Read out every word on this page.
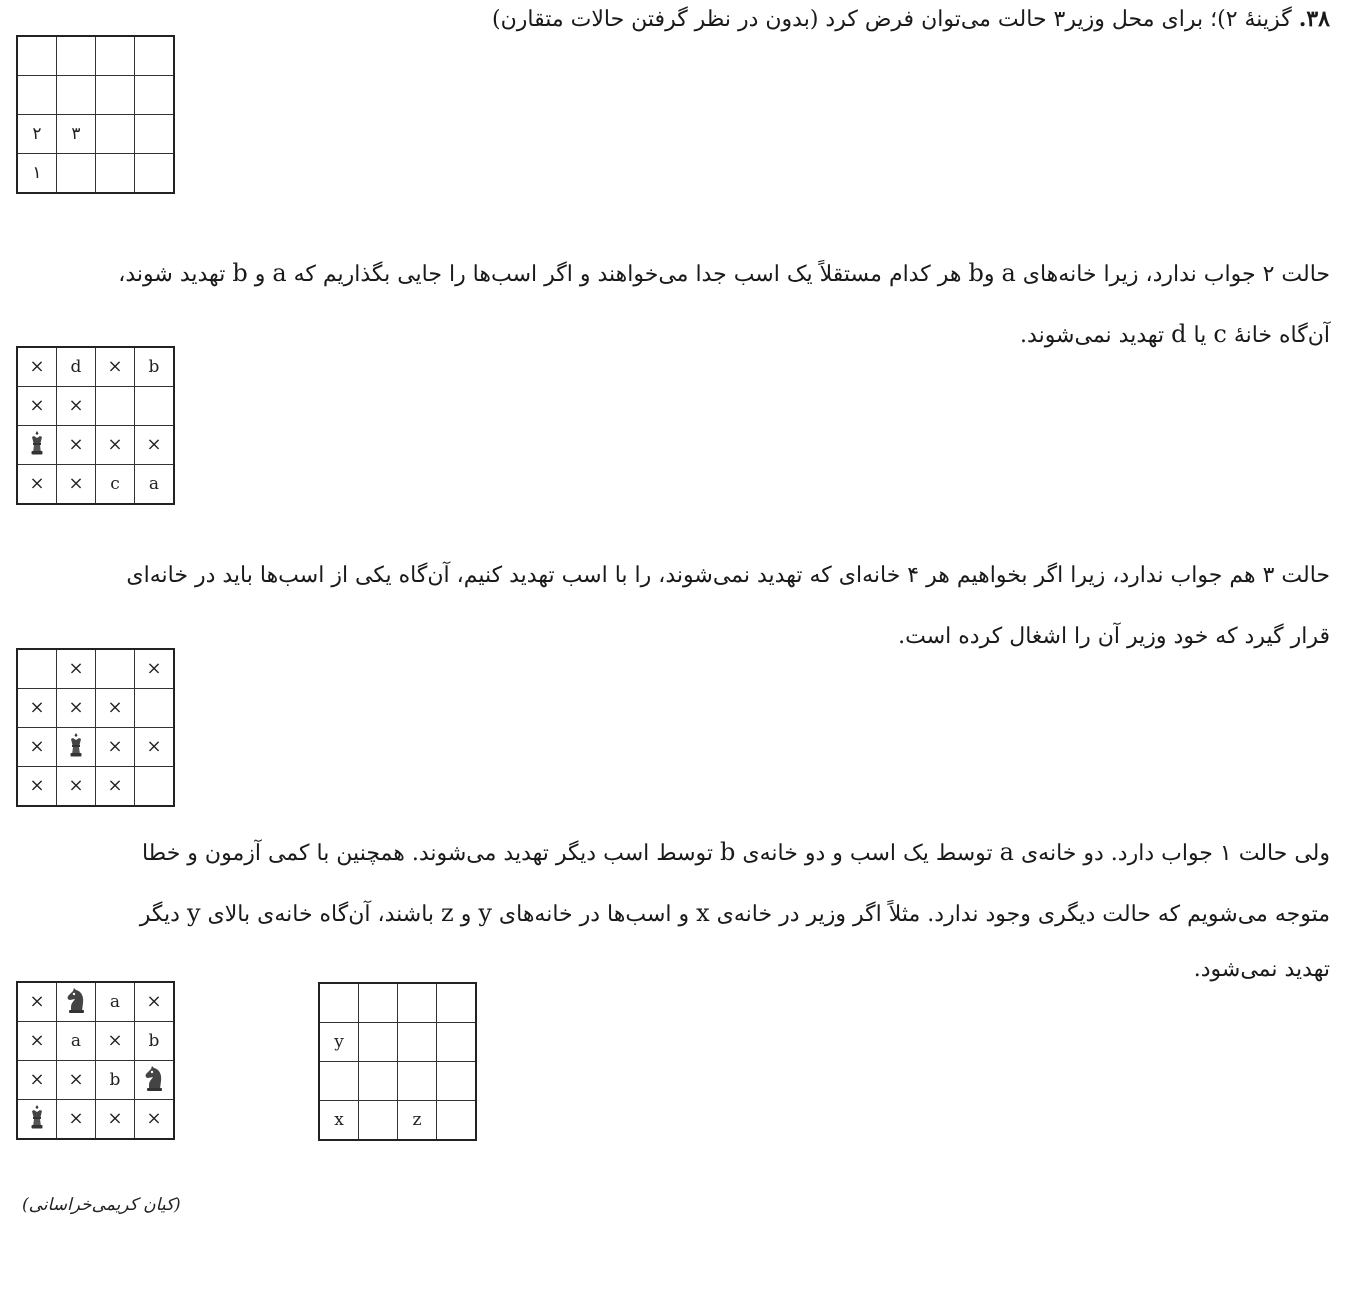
۳۸. گزینهٔ ۲)؛ برای محل وزیر۳ حالت می‌توان فرض کرد (بدون در نظر گرفتن حالات متقارن)

۲	۳		
۱			
حالت ۲ جواب ندارد، زیرا خانه‌های a وb هر کدام مستقلاً یک اسب جدا می‌خواهند و اگر اسب‌ها را جایی بگذاریم که a و b تهدید شوند،
آن‌گاه خانهٔ c یا d تهدید نمی‌شوند.
×	d	×	b
×	×		
	×	×	×
×	×	c	a
حالت ۳ هم جواب ندارد، زیرا اگر بخواهیم هر ۴ خانه‌ای که تهدید نمی‌شوند، را با اسب تهدید کنیم، آن‌گاه یکی از اسب‌ها باید در خانه‌ای
قرار گیرد که خود وزیر آن را اشغال کرده است.
	×		×
×	×	×	
×		×	×
×	×	×	
ولی حالت ۱ جواب دارد. دو خانه‌ی a توسط یک اسب و دو خانه‌ی b توسط اسب دیگر تهدید می‌شوند. همچنین با کمی آزمون و خطا
متوجه می‌شویم که حالت دیگری وجود ندارد. مثلاً اگر وزیر در خانه‌ی x و اسب‌ها در خانه‌های y و z باشند، آن‌گاه خانه‌ی بالای y دیگر
تهدید نمی‌شود.
×		a	×
×	a	×	b
×	×	b	
	×	×	×

y			

x		z	
(کیان کریمی‌خراسانی)
